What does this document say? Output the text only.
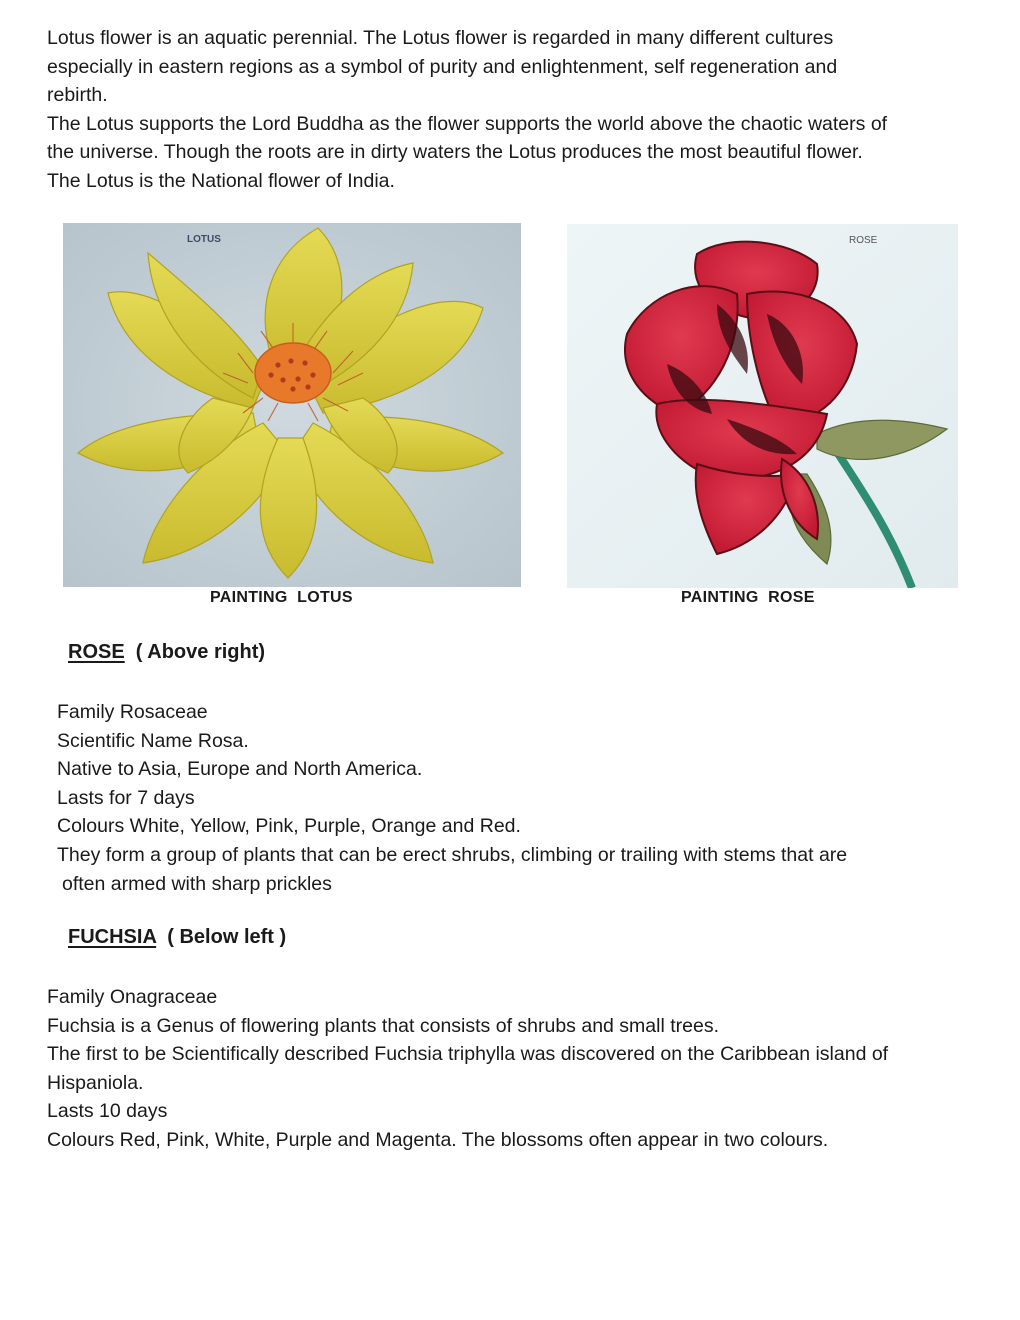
Lotus flower is an aquatic perennial. The Lotus flower is regarded in many different cultures

especially in eastern regions as a symbol of purity and enlightenment, self regeneration and

rebirth.

The Lotus supports the Lord Buddha as the flower supports the world above the chaotic waters of

the universe. Though the roots are in dirty waters the Lotus produces the most beautiful flower.

The Lotus is the National flower of India.

LOTUS	ROSE
PAINTING  LOTUS	PAINTING  ROSE
ROSE  ( Above right)

Family Rosaceae

Scientific Name Rosa.

Native to Asia, Europe and North America.

Lasts for 7 days

Colours White, Yellow, Pink, Purple, Orange and Red.

They form a group of plants that can be erect shrubs, climbing or trailing with stems that are

often armed with sharp prickles

FUCHSIA  ( Below left )

Family Onagraceae

Fuchsia is a Genus of flowering plants that consists of shrubs and small trees.

The first to be Scientifically described Fuchsia triphylla was discovered on the Caribbean island of

Hispaniola.

Lasts 10 days

Colours Red, Pink, White, Purple and Magenta. The blossoms often appear in two colours.
